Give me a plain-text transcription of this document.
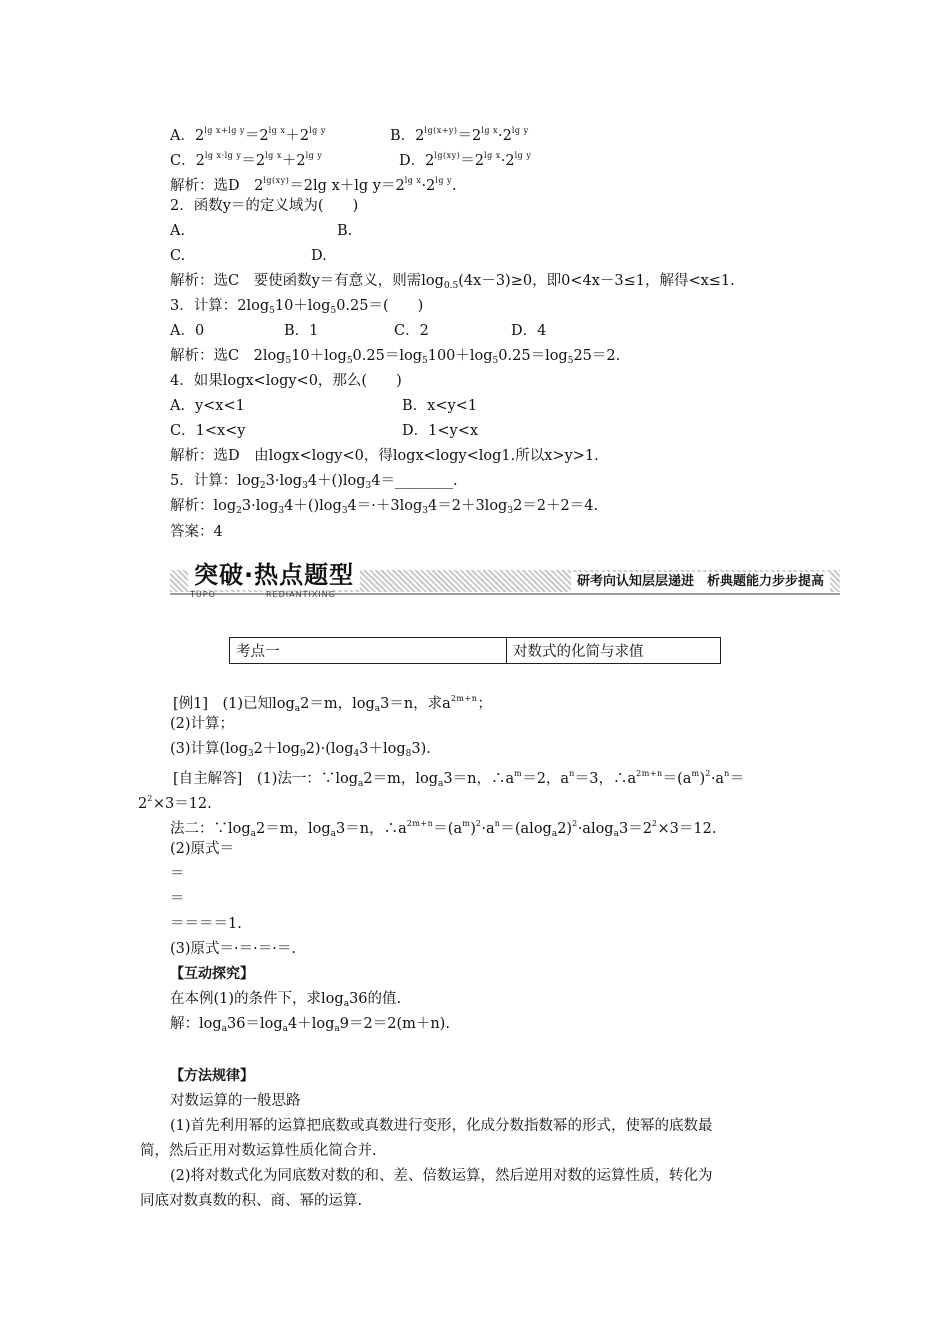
A．$2^{lg x+lg y}=2^{lg x}+2^{lg y}$	B．$2^{lg(x+y)}=2^{lg x}\cdot 2^{lg y}$
C．$2^{lg x\cdot lg y}=2^{lg x}+2^{lg y}$	D．$2^{lg(xy)}=2^{lg x}\cdot 2^{lg y}$
解析：选D　$2^{lg(xy)}=2\lg$ x＋lg $y=2^{lg x}\cdot 2^{lg y}$.
2．函数y＝的定义域为(　　)
A.	B.
C.	D.
解析：选C　要使函数y＝有意义，则需$\log_{0.5}(4x-3)\ge 0$，即0<4x－3≤1，解得<x≤1.
3．计算：$2\log_510+\log_50.25=$(　　)
A．0	B．1	C．2	D．4
解析：选C　$2\log_510+\log_50.25=\log_5100+\log_50.25=\log_525=2$.
4．如果logx<logy<0，那么(　　)
A．y<x<1	B．x<y<1
C．1<x<y	D．1<y<x
解析：选D　由logx<logy<0，得logx<logy<log1.所以x>y>1.
5．计算：$\log_23\cdot\log_34+()\log_34=\_\_\_\_\_\_\_\_$.
解析：$\log_23\cdot\log_34+()\log_34=\cdot+3\log_34=2+3\log_32=2+2=4$.
答案：4
突破·热点题型
TUPO	REDIANTIXING
研考向认知层层递进　析典题能力步步提高
考点一	对数式的化简与求值
[例1]　(1)已知$\log_a2=m$，$\log_a3=n$，求$a^{2m+n}$；
(2)计算；
(3)计算$(\log_32+\log_92)\cdot(\log_43+\log_83)$.
[自主解答]　(1)法一：$\because\log_a2=m$，$\log_a3=n$，$\therefore a^m=2$，$a^n=3$，$\therefore a^{2m+n}=(a^m)^2\cdot a^n=$
$2^2\times 3=12$.
法二：$\because\log_a2=m$，$\log_a3=n$，$\therefore a^{2m+n}=(a^m)^2\cdot a^n=(alog_a2)^2\cdot alog_a3=2^2\times 3=12$.
(2)原式＝
＝
＝
＝＝＝＝1.
(3)原式＝·＝·＝·＝.
【互动探究】
在本例(1)的条件下，求$\log_a36$的值.
解：$\log_a36=\log_a4+\log_a9=2=2(m+n)$.
【方法规律】
对数运算的一般思路
(1)首先利用幂的运算把底数或真数进行变形，化成分数指数幂的形式，使幂的底数最
简，然后正用对数运算性质化简合并.
(2)将对数式化为同底数对数的和、差、倍数运算，然后逆用对数的运算性质，转化为
同底对数真数的积、商、幂的运算.
